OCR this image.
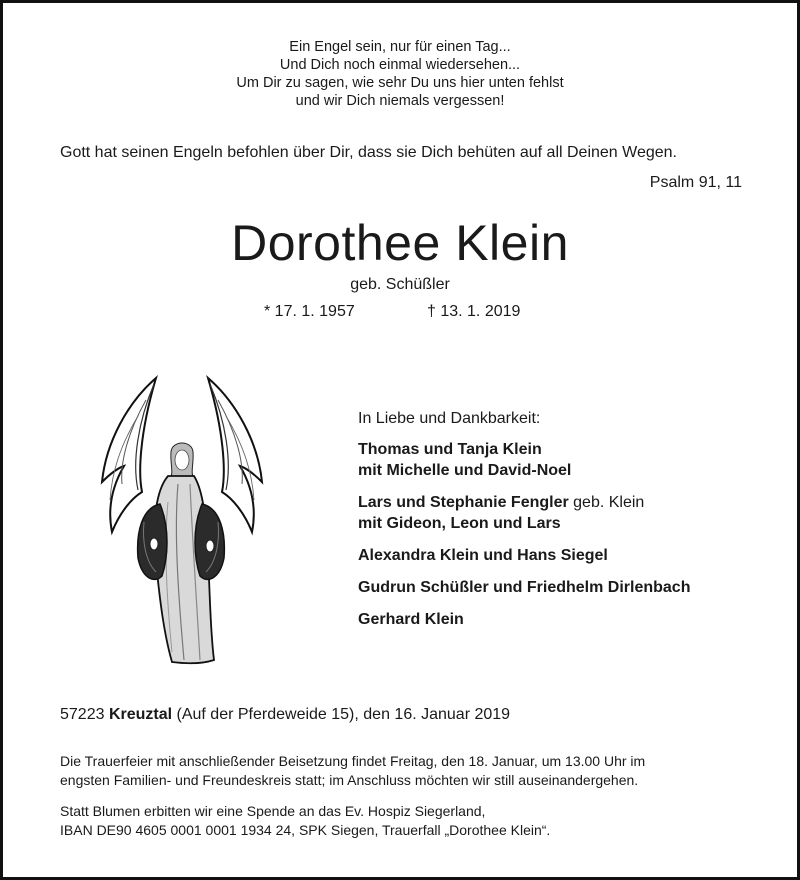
Ein Engel sein, nur für einen Tag...
Und Dich noch einmal wiedersehen...
Um Dir zu sagen, wie sehr Du uns hier unten fehlst
und wir Dich niemals vergessen!
Gott hat seinen Engeln befohlen über Dir, dass sie Dich behüten auf all Deinen Wegen.
Psalm 91, 11
Dorothee Klein
geb. Schüßler
* 17. 1. 1957	† 13. 1. 2019
In Liebe und Dankbarkeit:
Thomas und Tanja Klein
mit Michelle und David-Noel
Lars und Stephanie Fengler geb. Klein
mit Gideon, Leon und Lars
Alexandra Klein und Hans Siegel
Gudrun Schüßler und Friedhelm Dirlenbach
Gerhard Klein
57223 Kreuztal (Auf der Pferdeweide 15), den 16. Januar 2019
Die Trauerfeier mit anschließender Beisetzung findet Freitag, den 18. Januar, um 13.00 Uhr im
engsten Familien- und Freundeskreis statt; im Anschluss möchten wir still auseinandergehen.
Statt Blumen erbitten wir eine Spende an das Ev. Hospiz Siegerland,
IBAN DE90 4605 0001 0001 1934 24, SPK Siegen, Trauerfall „Dorothee Klein“.
